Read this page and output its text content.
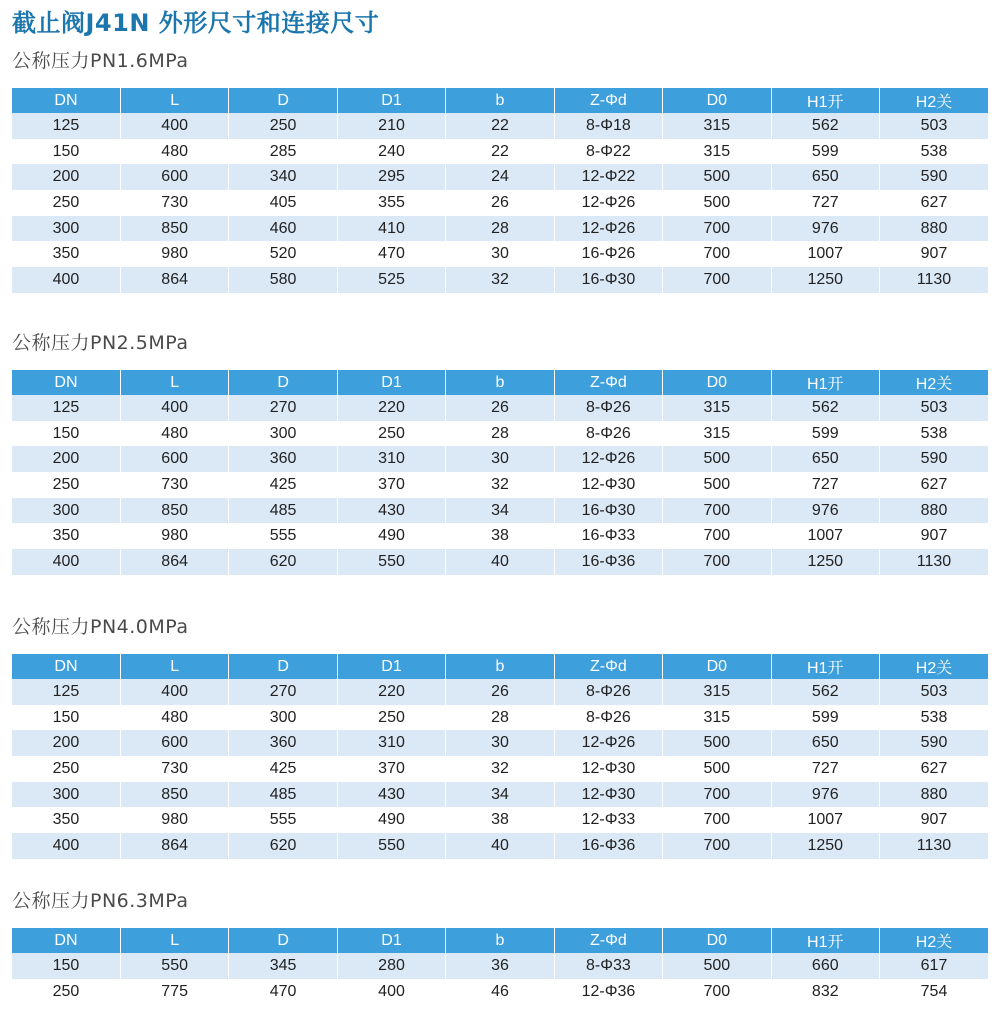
截止阀J41N 外形尺寸和连接尺寸
公称压力PN1.6MPa
DN	L	D	D1	b	Z-Φd	D0	H1开	H2关
125	400	250	210	22	8-Φ18	315	562	503
150	480	285	240	22	8-Φ22	315	599	538
200	600	340	295	24	12-Φ22	500	650	590
250	730	405	355	26	12-Φ26	500	727	627
300	850	460	410	28	12-Φ26	700	976	880
350	980	520	470	30	16-Φ26	700	1007	907
400	864	580	525	32	16-Φ30	700	1250	1130
公称压力PN2.5MPa
DN	L	D	D1	b	Z-Φd	D0	H1开	H2关
125	400	270	220	26	8-Φ26	315	562	503
150	480	300	250	28	8-Φ26	315	599	538
200	600	360	310	30	12-Φ26	500	650	590
250	730	425	370	32	12-Φ30	500	727	627
300	850	485	430	34	16-Φ30	700	976	880
350	980	555	490	38	16-Φ33	700	1007	907
400	864	620	550	40	16-Φ36	700	1250	1130
公称压力PN4.0MPa
DN	L	D	D1	b	Z-Φd	D0	H1开	H2关
125	400	270	220	26	8-Φ26	315	562	503
150	480	300	250	28	8-Φ26	315	599	538
200	600	360	310	30	12-Φ26	500	650	590
250	730	425	370	32	12-Φ30	500	727	627
300	850	485	430	34	12-Φ30	700	976	880
350	980	555	490	38	12-Φ33	700	1007	907
400	864	620	550	40	16-Φ36	700	1250	1130
公称压力PN6.3MPa
DN	L	D	D1	b	Z-Φd	D0	H1开	H2关
150	550	345	280	36	8-Φ33	500	660	617
250	775	470	400	46	12-Φ36	700	832	754
